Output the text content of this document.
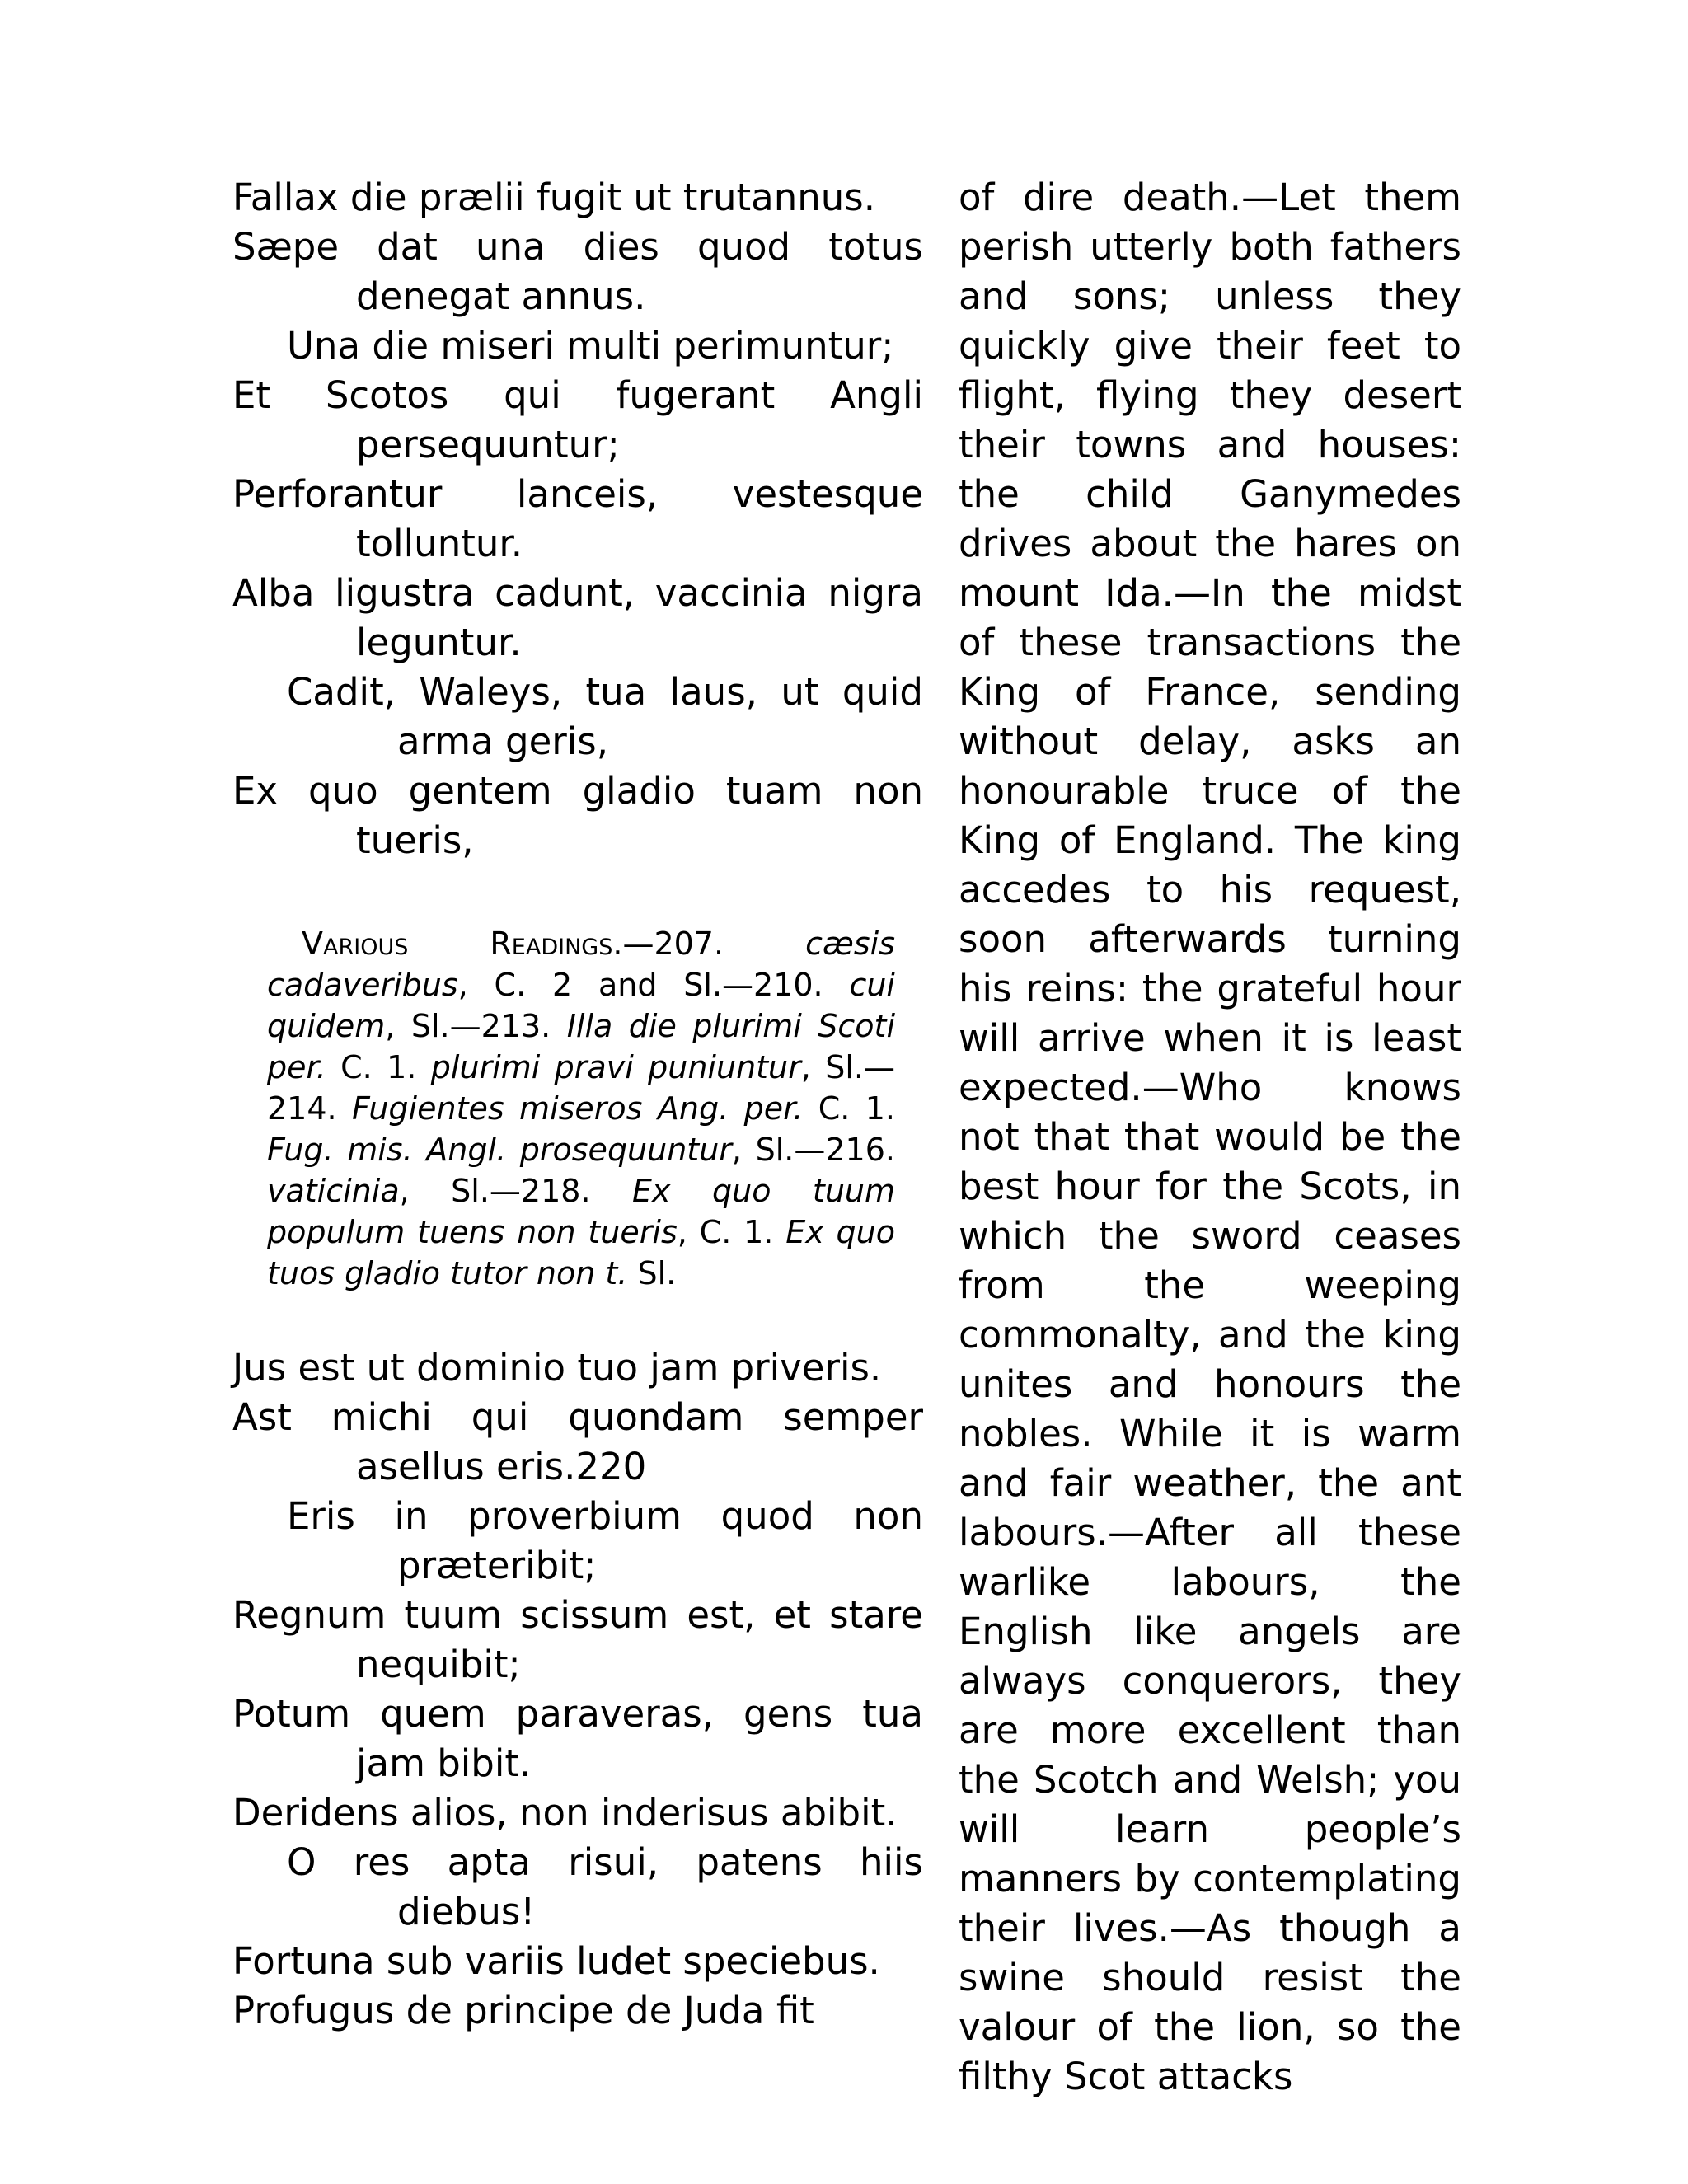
Fallax die prælii fugit ut trutannus.
Sæpe dat una dies quod totus denegat annus.
Una die miseri multi perimuntur;
Et Scotos qui fugerant Angli persequuntur;
Perforantur lanceis, vestesque tolluntur.
Alba ligustra cadunt, vaccinia nigra leguntur.
Cadit, Waleys, tua laus, ut quid arma geris,
Ex quo gentem gladio tuam non tueris,
Various Readings.—207. cæsis cadaveribus, C. 2 and Sl.—210. cui quidem, Sl.—213. Illa die plurimi Scoti per. C. 1. plurimi pravi puniuntur, Sl.—214. Fugientes miseros Ang. per. C. 1. Fug. mis. Angl. prosequuntur, Sl.—216. vaticinia, Sl.—218. Ex quo tuum populum tuens non tueris, C. 1. Ex quo tuos gladio tutor non t. Sl.
Jus est ut dominio tuo jam priveris.
Ast michi qui quondam semper asellus eris.220
Eris in proverbium quod non præteribit;
Regnum tuum scissum est, et stare nequibit;
Potum quem paraveras, gens tua jam bibit.
Deridens alios, non inderisus abibit.
O res apta risui, patens hiis diebus!
Fortuna sub variis ludet speciebus.
Profugus de principe de Juda fit
of dire death.—Let them perish utterly both fathers and sons; unless they quickly give their feet to flight, flying they desert their towns and houses: the child Ganymedes drives about the hares on mount Ida.—In the midst of these transactions the King of France, sending without delay, asks an honourable truce of the King of England. The king accedes to his request, soon afterwards turning his reins: the grateful hour will arrive when it is least expected.—Who knows not that that would be the best hour for the Scots, in which the sword ceases from the weeping commonalty, and the king unites and honours the nobles. While it is warm and fair weather, the ant labours.—After all these warlike labours, the English like angels are always conquerors, they are more excellent than the Scotch and Welsh; you will learn people’s manners by contemplating their lives.—As though a swine should resist the valour of the lion, so the filthy Scot attacks
